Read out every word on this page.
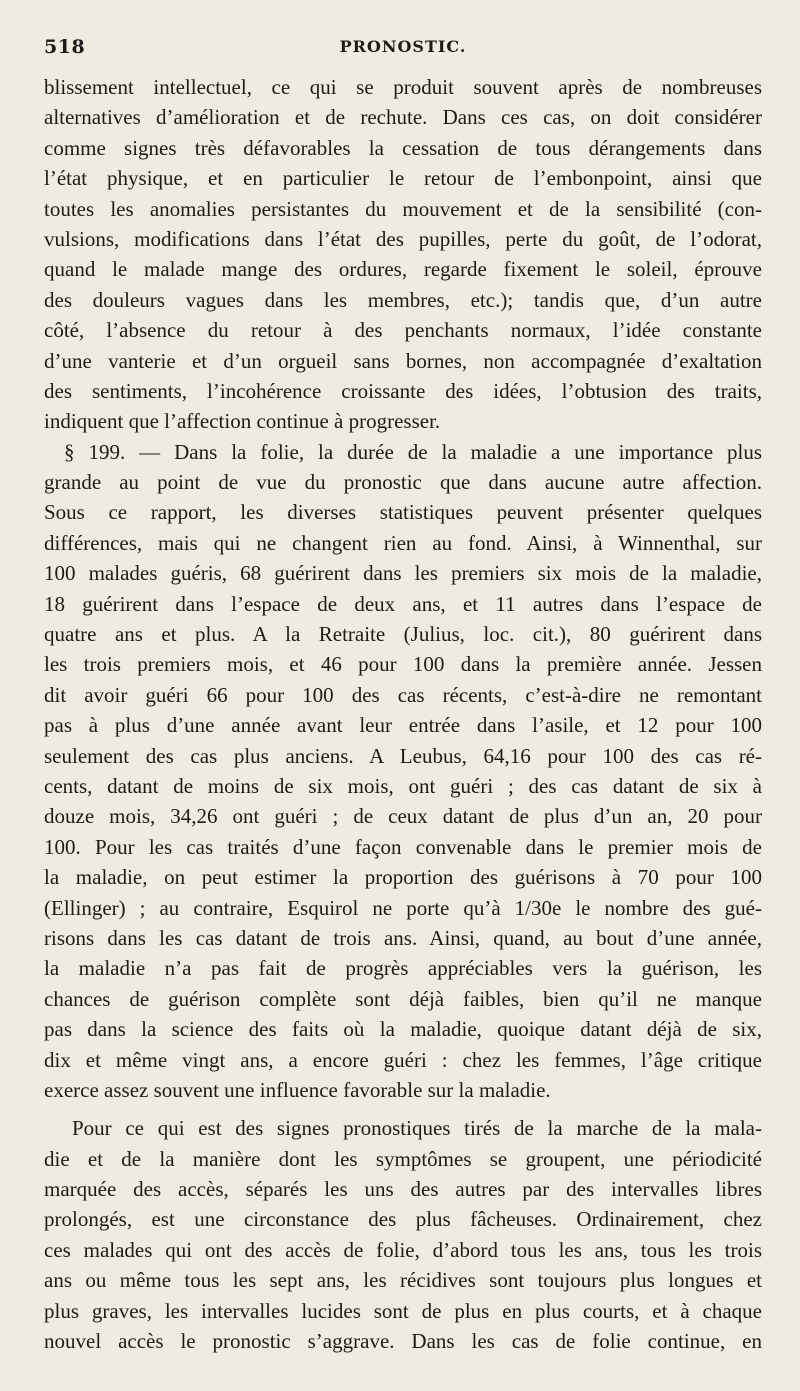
518	PRONOSTIC.
blissement intellectuel, ce qui se produit souvent après de nombreuses
alternatives d’amélioration et de rechute. Dans ces cas, on doit considérer
comme signes très défavorables la cessation de tous dérangements dans
l’état physique, et en particulier le retour de l’embonpoint, ainsi que
toutes les anomalies persistantes du mouvement et de la sensibilité (con-
vulsions, modifications dans l’état des pupilles, perte du goût, de l’odorat,
quand le malade mange des ordures, regarde fixement le soleil, éprouve
des douleurs vagues dans les membres, etc.); tandis que, d’un autre
côté, l’absence du retour à des penchants normaux, l’idée constante
d’une vanterie et d’un orgueil sans bornes, non accompagnée d’exaltation
des sentiments, l’incohérence croissante des idées, l’obtusion des traits,
indiquent que l’affection continue à progresser.
§ 199. — Dans la folie, la durée de la maladie a une importance plus
grande au point de vue du pronostic que dans aucune autre affection.
Sous ce rapport, les diverses statistiques peuvent présenter quelques
différences, mais qui ne changent rien au fond. Ainsi, à Winnenthal, sur
100 malades guéris, 68 guérirent dans les premiers six mois de la maladie,
18 guérirent dans l’espace de deux ans, et 11 autres dans l’espace de
quatre ans et plus. A la Retraite (Julius, loc. cit.), 80 guérirent dans
les trois premiers mois, et 46 pour 100 dans la première année. Jessen
dit avoir guéri 66 pour 100 des cas récents, c’est-à-dire ne remontant
pas à plus d’une année avant leur entrée dans l’asile, et 12 pour 100
seulement des cas plus anciens. A Leubus, 64,16 pour 100 des cas ré-
cents, datant de moins de six mois, ont guéri ; des cas datant de six à
douze mois, 34,26 ont guéri ; de ceux datant de plus d’un an, 20 pour
100. Pour les cas traités d’une façon convenable dans le premier mois de
la maladie, on peut estimer la proportion des guérisons à 70 pour 100
(Ellinger) ; au contraire, Esquirol ne porte qu’à 1/30e le nombre des gué-
risons dans les cas datant de trois ans. Ainsi, quand, au bout d’une année,
la maladie n’a pas fait de progrès appréciables vers la guérison, les
chances de guérison complète sont déjà faibles, bien qu’il ne manque
pas dans la science des faits où la maladie, quoique datant déjà de six,
dix et même vingt ans, a encore guéri : chez les femmes, l’âge critique
exerce assez souvent une influence favorable sur la maladie.
Pour ce qui est des signes pronostiques tirés de la marche de la mala-
die et de la manière dont les symptômes se groupent, une périodicité
marquée des accès, séparés les uns des autres par des intervalles libres
prolongés, est une circonstance des plus fâcheuses. Ordinairement, chez
ces malades qui ont des accès de folie, d’abord tous les ans, tous les trois
ans ou même tous les sept ans, les récidives sont toujours plus longues et
plus graves, les intervalles lucides sont de plus en plus courts, et à chaque
nouvel accès le pronostic s’aggrave. Dans les cas de folie continue, en
